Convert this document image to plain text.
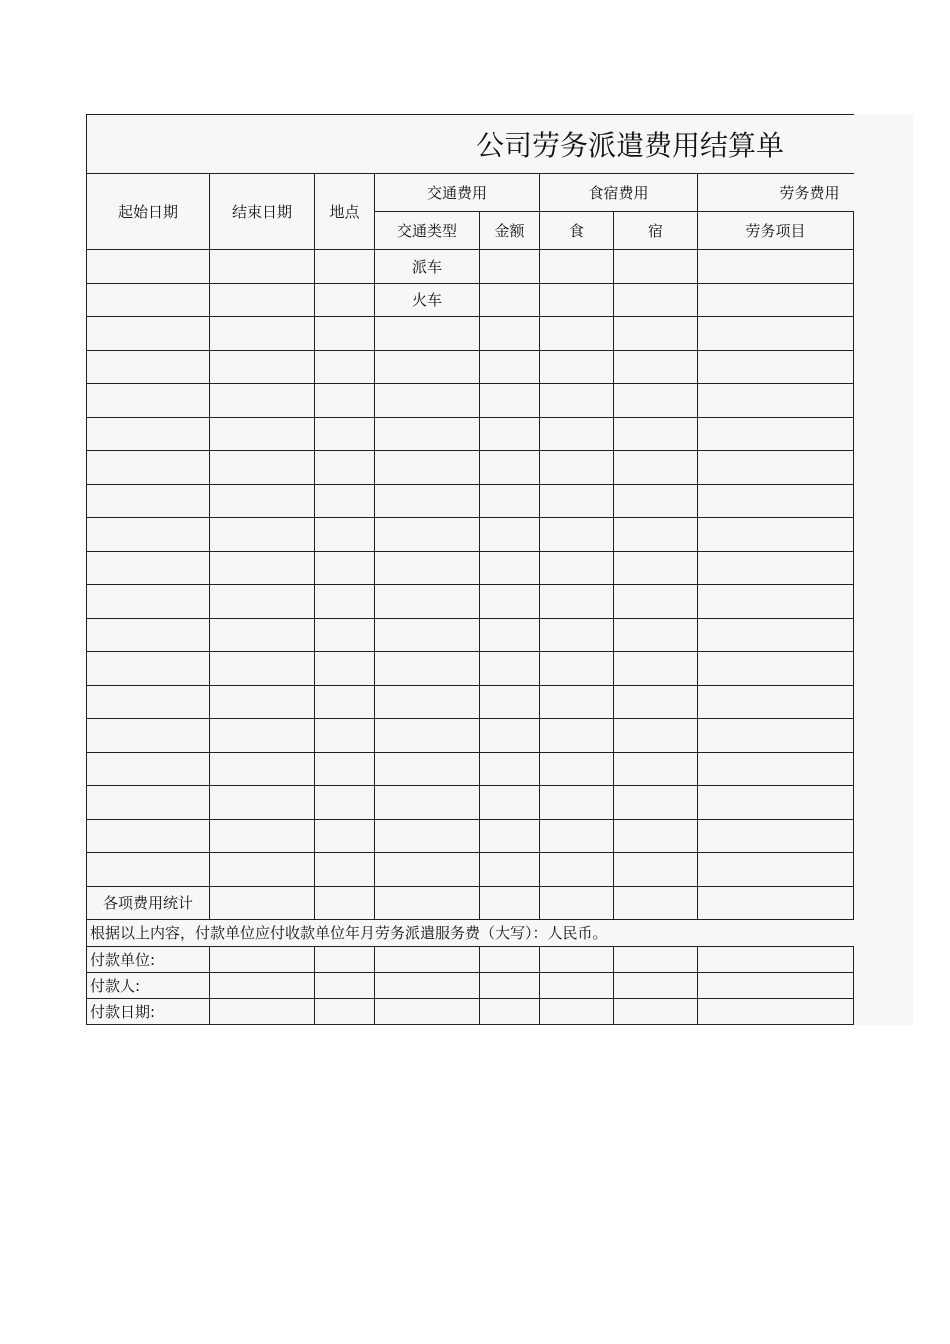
公司劳务派遣费用结算单							

起始日期	结束日期	地点	交通费用		食宿费用		劳务费用
			交通类型	金额	食	宿	劳务项目
			派车				
			火车				

各项费用统计							
根据以上内容，付款单位应付收款单位年月劳务派遣服务费（大写）：人民币。							
付款单位:							
付款人:							
付款日期:							
